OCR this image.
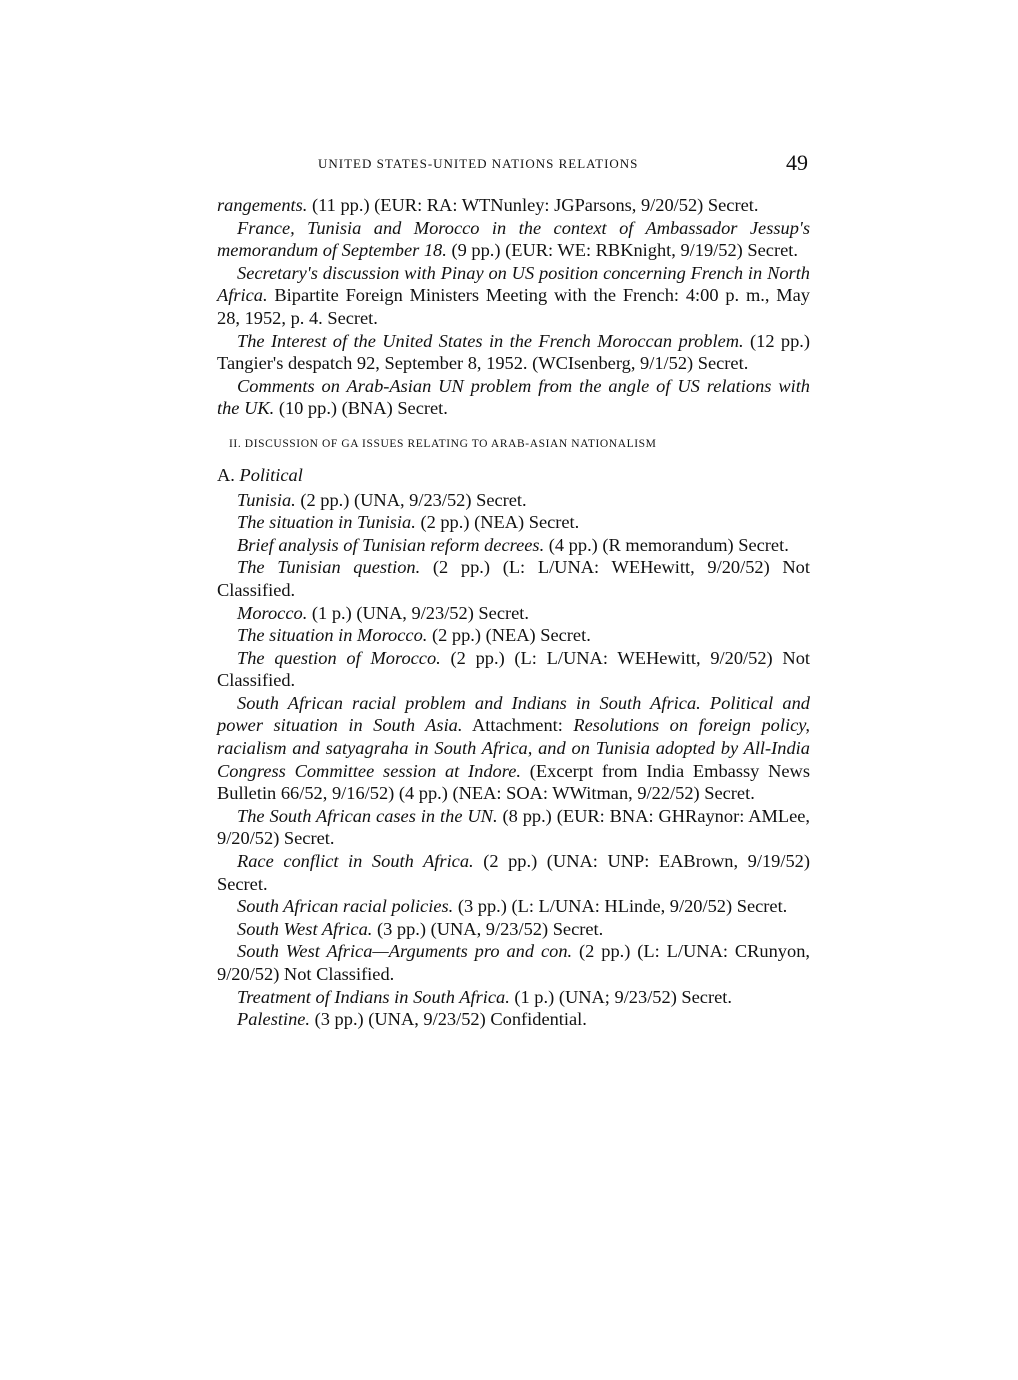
UNITED STATES-UNITED NATIONS RELATIONS	49

rangements. (11 pp.) (EUR: RA: WTNunley: JGParsons, 9/20/52) Secret.

France, Tunisia and Morocco in the context of Ambassador Jessup's memorandum of September 18. (9 pp.) (EUR: WE: RBKnight, 9/19/52) Secret.

Secretary's discussion with Pinay on US position concerning French in North Africa. Bipartite Foreign Ministers Meeting with the French: 4:00 p. m., May 28, 1952, p. 4. Secret.

The Interest of the United States in the French Moroccan problem. (12 pp.) Tangier's despatch 92, September 8, 1952. (WCIsenberg, 9/1/52) Secret.

Comments on Arab-Asian UN problem from the angle of US relations with the UK. (10 pp.) (BNA) Secret.

II. DISCUSSION OF GA ISSUES RELATING TO ARAB-ASIAN NATIONALISM

A. Political

Tunisia. (2 pp.) (UNA, 9/23/52) Secret.

The situation in Tunisia. (2 pp.) (NEA) Secret.

Brief analysis of Tunisian reform decrees. (4 pp.) (R memorandum) Secret.

The Tunisian question. (2 pp.) (L: L/UNA: WEHewitt, 9/20/52) Not Classified.

Morocco. (1 p.) (UNA, 9/23/52) Secret.

The situation in Morocco. (2 pp.) (NEA) Secret.

The question of Morocco. (2 pp.) (L: L/UNA: WEHewitt, 9/20/52) Not Classified.

South African racial problem and Indians in South Africa. Political and power situation in South Asia. Attachment: Resolutions on foreign policy, racialism and satyagraha in South Africa, and on Tunisia adopted by All-India Congress Committee session at Indore. (Excerpt from India Embassy News Bulletin 66/52, 9/16/52) (4 pp.) (NEA: SOA: WWitman, 9/22/52) Secret.

The South African cases in the UN. (8 pp.) (EUR: BNA: GHRaynor: AMLee, 9/20/52) Secret.

Race conflict in South Africa. (2 pp.) (UNA: UNP: EABrown, 9/19/52) Secret.

South African racial policies. (3 pp.) (L: L/UNA: HLinde, 9/20/52) Secret.

South West Africa. (3 pp.) (UNA, 9/23/52) Secret.

South West Africa—Arguments pro and con. (2 pp.) (L: L/UNA: CRunyon, 9/20/52) Not Classified.

Treatment of Indians in South Africa. (1 p.) (UNA; 9/23/52) Secret.

Palestine. (3 pp.) (UNA, 9/23/52) Confidential.
